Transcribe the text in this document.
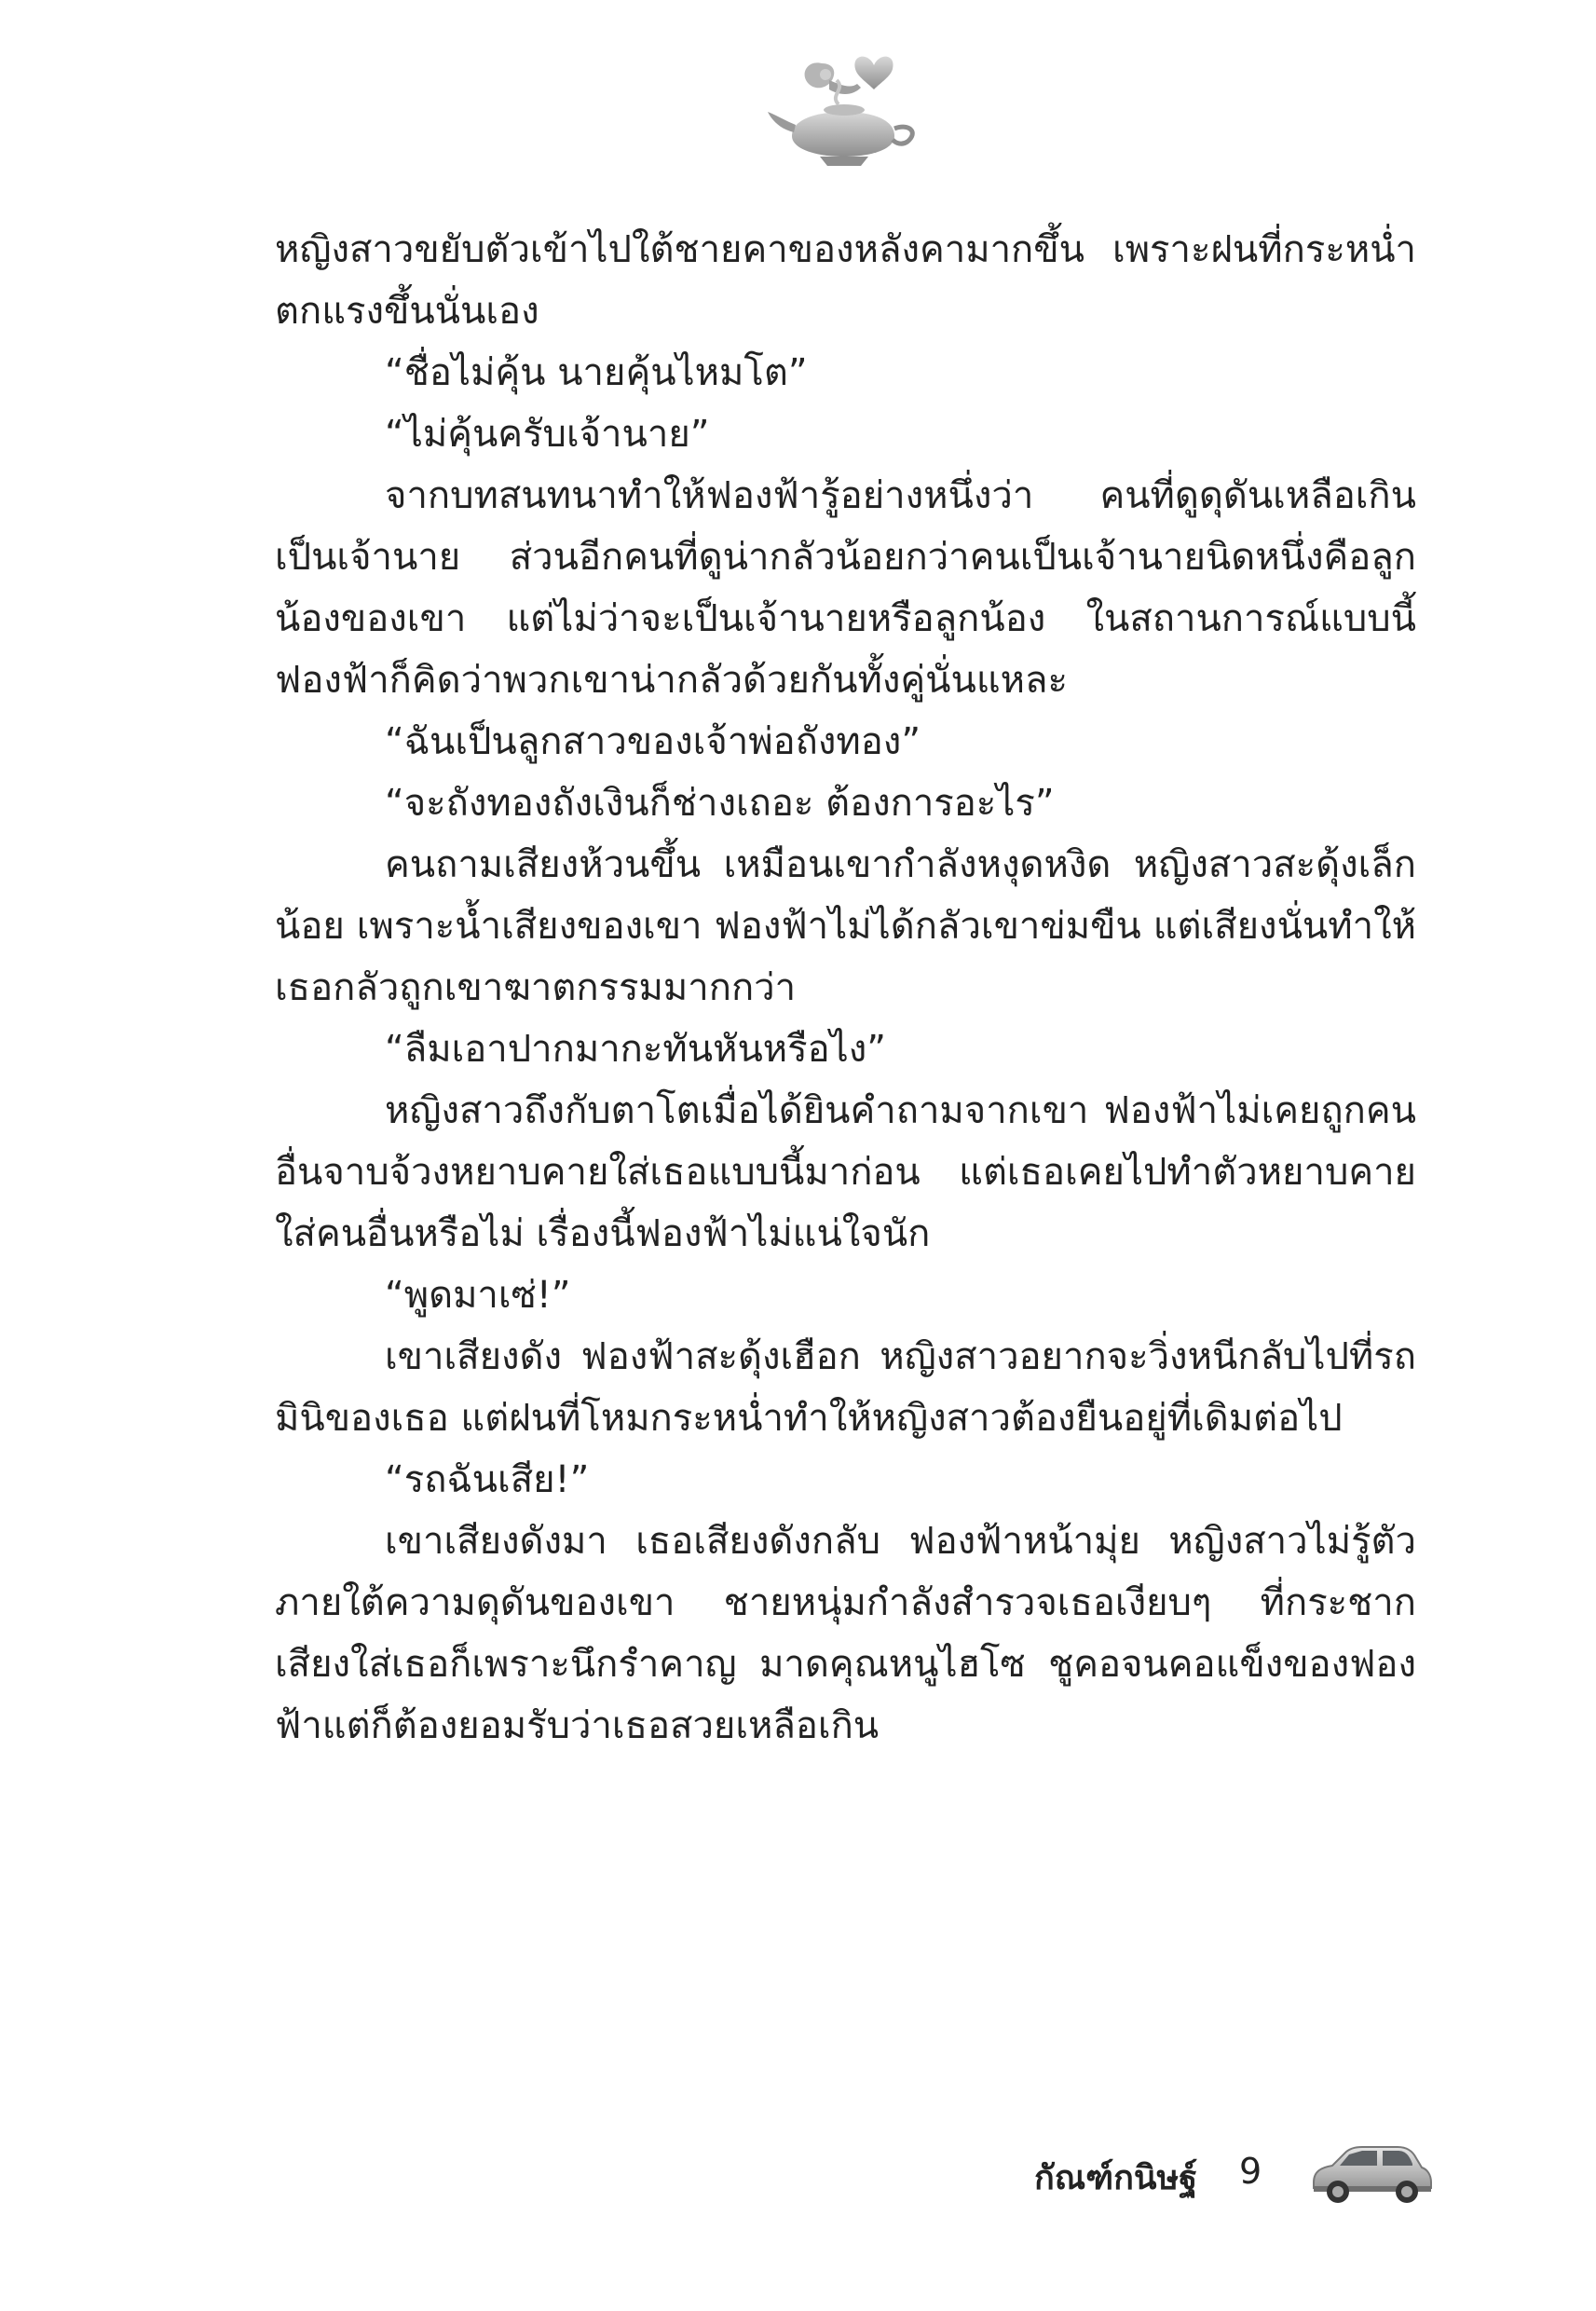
หญิงสาวขยับตัวเข้าไปใต้ชายคาของหลังคามากขึ้น เพราะฝนที่กระหน่ำตกแรงขึ้นนั่นเอง

“ชื่อไม่คุ้น นายคุ้นไหมโต”

“ไม่คุ้นครับเจ้านาย”

จากบทสนทนาทำให้ฟองฟ้ารู้อย่างหนึ่งว่า คนที่ดูดุดันเหลือเกินเป็นเจ้านาย ส่วนอีกคนที่ดูน่ากลัวน้อยกว่าคนเป็นเจ้านายนิดหนึ่งคือลูกน้องของเขา แต่ไม่ว่าจะเป็นเจ้านายหรือลูกน้อง ในสถานการณ์แบบนี้ ฟองฟ้าก็คิดว่าพวกเขาน่ากลัวด้วยกันทั้งคู่นั่นแหละ

“ฉันเป็นลูกสาวของเจ้าพ่อถังทอง”

“จะถังทองถังเงินก็ช่างเถอะ ต้องการอะไร”

คนถามเสียงห้วนขึ้น เหมือนเขากำลังหงุดหงิด หญิงสาวสะดุ้งเล็กน้อย เพราะน้ำเสียงของเขา ฟองฟ้าไม่ได้กลัวเขาข่มขืน แต่เสียงนั่นทำให้เธอกลัวถูกเขาฆาตกรรมมากกว่า

“ลืมเอาปากมากะทันหันหรือไง”

หญิงสาวถึงกับตาโตเมื่อได้ยินคำถามจากเขา ฟองฟ้าไม่เคยถูกคนอื่นจาบจ้วงหยาบคายใส่เธอแบบนี้มาก่อน แต่เธอเคยไปทำตัวหยาบคายใส่คนอื่นหรือไม่ เรื่องนี้ฟองฟ้าไม่แน่ใจนัก

“พูดมาเซ่!”

เขาเสียงดัง ฟองฟ้าสะดุ้งเฮือก หญิงสาวอยากจะวิ่งหนีกลับไปที่รถมินิของเธอ แต่ฝนที่โหมกระหน่ำทำให้หญิงสาวต้องยืนอยู่ที่เดิมต่อไป

“รถฉันเสีย!”

เขาเสียงดังมา เธอเสียงดังกลับ ฟองฟ้าหน้ามุ่ย หญิงสาวไม่รู้ตัวภายใต้ความดุดันของเขา ชายหนุ่มกำลังสำรวจเธอเงียบๆ ที่กระชากเสียงใส่เธอก็เพราะนึกรำคาญ มาดคุณหนูไฮโซ ชูคอจนคอแข็งของฟองฟ้าแต่ก็ต้องยอมรับว่าเธอสวยเหลือเกิน

กัณฑ์กนิษฐ์ 9
